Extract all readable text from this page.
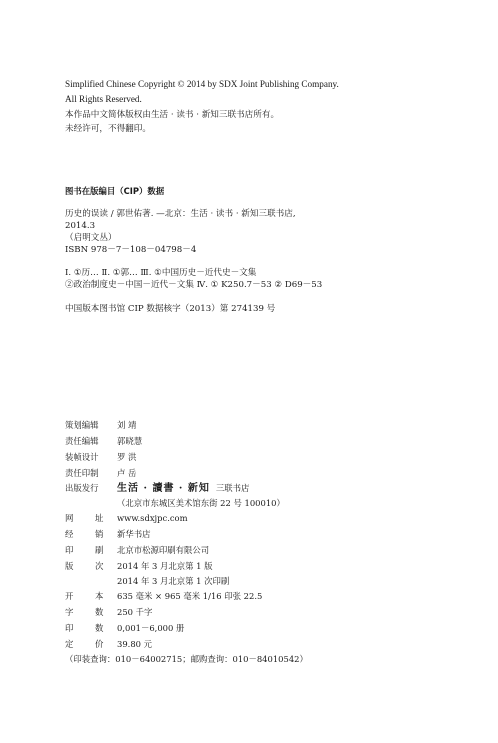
Simplified Chinese Copyright © 2014 by SDX Joint Publishing Company.
All Rights Reserved.
本作品中文简体版权由生活 · 读书 · 新知三联书店所有。
未经许可，不得翻印。
图书在版编目（CIP）数据
历史的误读 / 郭世佑著. —北京：生活 · 读书 · 新知三联书店,
2014.3
（启明文丛）
ISBN 978－7－108－04798－4
Ⅰ. ①历… Ⅱ. ①郭… Ⅲ. ①中国历史－近代史－文集
②政治制度史－中国－近代－文集 Ⅳ. ① K250.7－53 ② D69－53
中国版本图书馆 CIP 数据核字（2013）第 274139 号
策划编辑 刘 靖
责任编辑 郭晓慧
装帧设计 罗 洪
责任印制 卢 岳
出版发行 生活 · 讀書 · 新知 三联书店
（北京市东城区美术馆东街 22 号 100010）
网	址 www.sdxjpc.com
经	销 新华书店
印	刷 北京市松源印刷有限公司
版	次 2014 年 3 月北京第 1 版
2014 年 3 月北京第 1 次印刷
开	本 635 毫米 × 965 毫米 1/16 印张 22.5
字	数 250 千字
印	数 0,001－6,000 册
定	价 39.80 元
（印装查询：010－64002715；邮购查询：010－84010542）
